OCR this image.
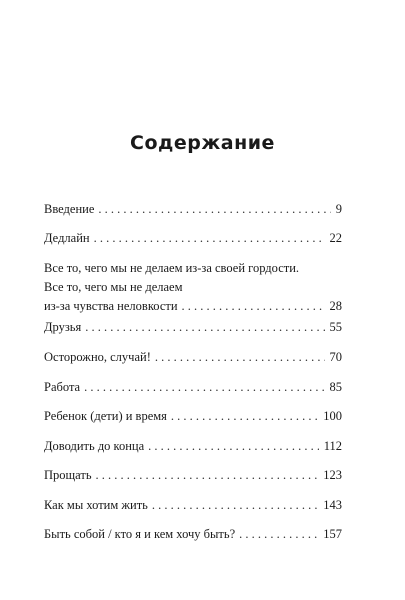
Содержание
Введение . . .	9
Дедлайн . . .	22
Все то, чего мы не делаем из-за своей гордости.
Все то, чего мы не делаем
из-за чувства неловкости . . .	28
Друзья . . .	55
Осторожно, случай! . . .	70
Работа . . .	85
Ребенок (дети) и время . . .	100
Доводить до конца . . .	112
Прощать . . .	123
Как мы хотим жить . . .	143
Быть собой / кто я и кем хочу быть? . . .	157
